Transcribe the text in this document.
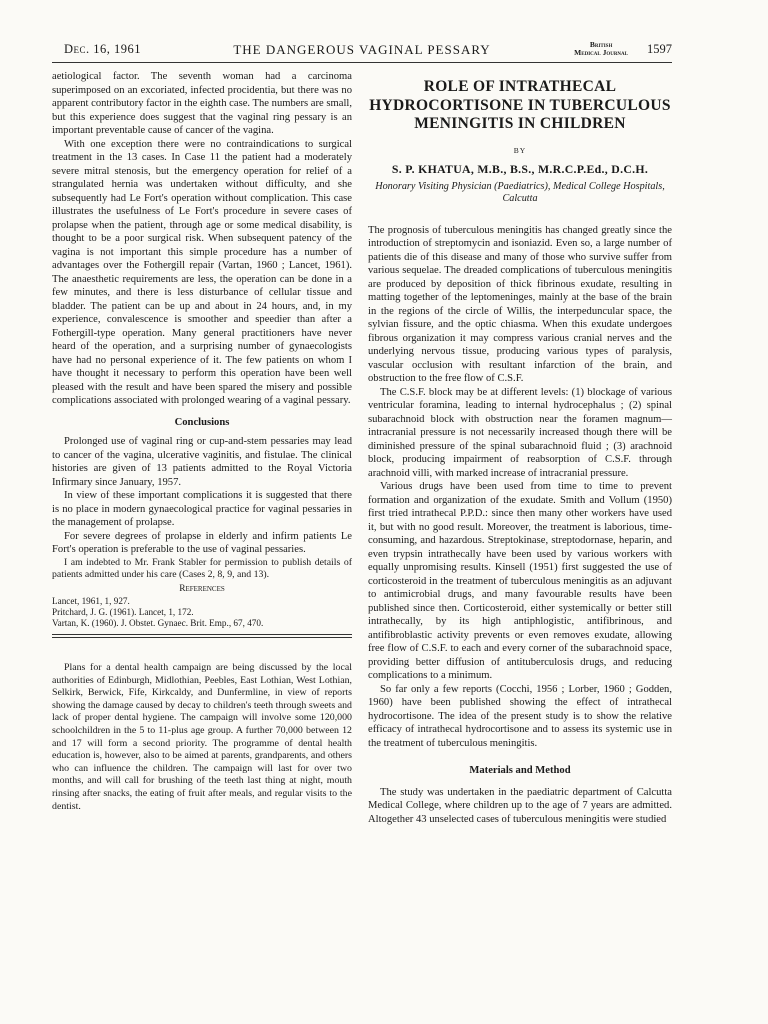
Dec. 16, 1961	THE DANGEROUS VAGINAL PESSARY	British
Medical Journal 1597

aetiological factor. The seventh woman had a carcinoma superimposed on an excoriated, infected procidentia, but there was no apparent contributory factor in the eighth case. The numbers are small, but this experience does suggest that the vaginal ring pessary is an important preventable cause of cancer of the vagina.

With one exception there were no contraindications to surgical treatment in the 13 cases. In Case 11 the patient had a moderately severe mitral stenosis, but the emergency operation for relief of a strangulated hernia was undertaken without difficulty, and she subsequently had Le Fort's operation without complication. This case illustrates the usefulness of Le Fort's procedure in severe cases of prolapse when the patient, through age or some medical disability, is thought to be a poor surgical risk. When subsequent patency of the vagina is not important this simple procedure has a number of advantages over the Fothergill repair (Vartan, 1960 ; Lancet, 1961). The anaesthetic requirements are less, the operation can be done in a few minutes, and there is less disturbance of cellular tissue and bladder. The patient can be up and about in 24 hours, and, in my experience, convalescence is smoother and speedier than after a Fothergill-type operation. Many general practitioners have never heard of the operation, and a surprising number of gynaecologists have had no personal experience of it. The few patients on whom I have thought it necessary to perform this operation have been well pleased with the result and have been spared the misery and possible complications associated with prolonged wearing of a vaginal pessary.

Conclusions

Prolonged use of vaginal ring or cup-and-stem pessaries may lead to cancer of the vagina, ulcerative vaginitis, and fistulae. The clinical histories are given of 13 patients admitted to the Royal Victoria Infirmary since January, 1957.

In view of these important complications it is suggested that there is no place in modern gynaecological practice for vaginal pessaries in the management of prolapse.

For severe degrees of prolapse in elderly and infirm patients Le Fort's operation is preferable to the use of vaginal pessaries.

I am indebted to Mr. Frank Stabler for permission to publish details of patients admitted under his care (Cases 2, 8, 9, and 13).

References
Lancet, 1961, 1, 927.
Pritchard, J. G. (1961). Lancet, 1, 172.
Vartan, K. (1960). J. Obstet. Gynaec. Brit. Emp., 67, 470.

Plans for a dental health campaign are being discussed by the local authorities of Edinburgh, Midlothian, Peebles, East Lothian, West Lothian, Selkirk, Berwick, Fife, Kirkcaldy, and Dunfermline, in view of reports showing the damage caused by decay to children's teeth through sweets and lack of proper dental hygiene. The campaign will involve some 120,000 schoolchildren in the 5 to 11-plus age group. A further 70,000 between 12 and 17 will form a second priority. The programme of dental health education is, however, also to be aimed at parents, grandparents, and others who can influence the children. The campaign will last for over two months, and will call for brushing of the teeth last thing at night, mouth rinsing after snacks, the eating of fruit after meals, and regular visits to the dentist.

ROLE OF INTRATHECAL
HYDROCORTISONE IN TUBERCULOUS
MENINGITIS IN CHILDREN
BY
S. P. KHATUA, M.B., B.S., M.R.C.P.Ed., D.C.H.
Honorary Visiting Physician (Paediatrics), Medical College Hospitals, Calcutta

The prognosis of tuberculous meningitis has changed greatly since the introduction of streptomycin and isoniazid. Even so, a large number of patients die of this disease and many of those who survive suffer from various sequelae. The dreaded complications of tuberculous meningitis are produced by deposition of thick fibrinous exudate, resulting in matting together of the leptomeninges, mainly at the base of the brain in the regions of the circle of Willis, the interpeduncular space, the sylvian fissure, and the optic chiasma. When this exudate undergoes fibrous organization it may compress various cranial nerves and the underlying nervous tissue, producing various types of paralysis, vascular occlusion with resultant infarction of the brain, and obstruction to the free flow of C.S.F.

The C.S.F. block may be at different levels: (1) blockage of various ventricular foramina, leading to internal hydrocephalus ; (2) spinal subarachnoid block with obstruction near the foramen magnum—intracranial pressure is not necessarily increased though there will be diminished pressure of the spinal subarachnoid fluid ; (3) arachnoid block, producing impairment of reabsorption of C.S.F. through arachnoid villi, with marked increase of intracranial pressure.

Various drugs have been used from time to time to prevent formation and organization of the exudate. Smith and Vollum (1950) first tried intrathecal P.P.D.: since then many other workers have used it, but with no good result. Moreover, the treatment is laborious, time-consuming, and hazardous. Streptokinase, streptodornase, heparin, and even trypsin intrathecally have been used by various workers with equally unpromising results. Kinsell (1951) first suggested the use of corticosteroid in the treatment of tuberculous meningitis as an adjuvant to antimicrobial drugs, and many favourable results have been published since then. Corticosteroid, either systemically or better still intrathecally, by its high antiphlogistic, antifibrinous, and antifibroblastic activity prevents or even removes exudate, allowing free flow of C.S.F. to each and every corner of the subarachnoid space, providing better diffusion of antituberculosis drugs, and reducing complications to a minimum.

So far only a few reports (Cocchi, 1956 ; Lorber, 1960 ; Godden, 1960) have been published showing the effect of intrathecal hydrocortisone. The idea of the present study is to show the relative efficacy of intrathecal hydrocortisone and to assess its systemic use in the treatment of tuberculous meningitis.

Materials and Method

The study was undertaken in the paediatric department of Calcutta Medical College, where children up to the age of 7 years are admitted. Altogether 43 unselected cases of tuberculous meningitis were studied
